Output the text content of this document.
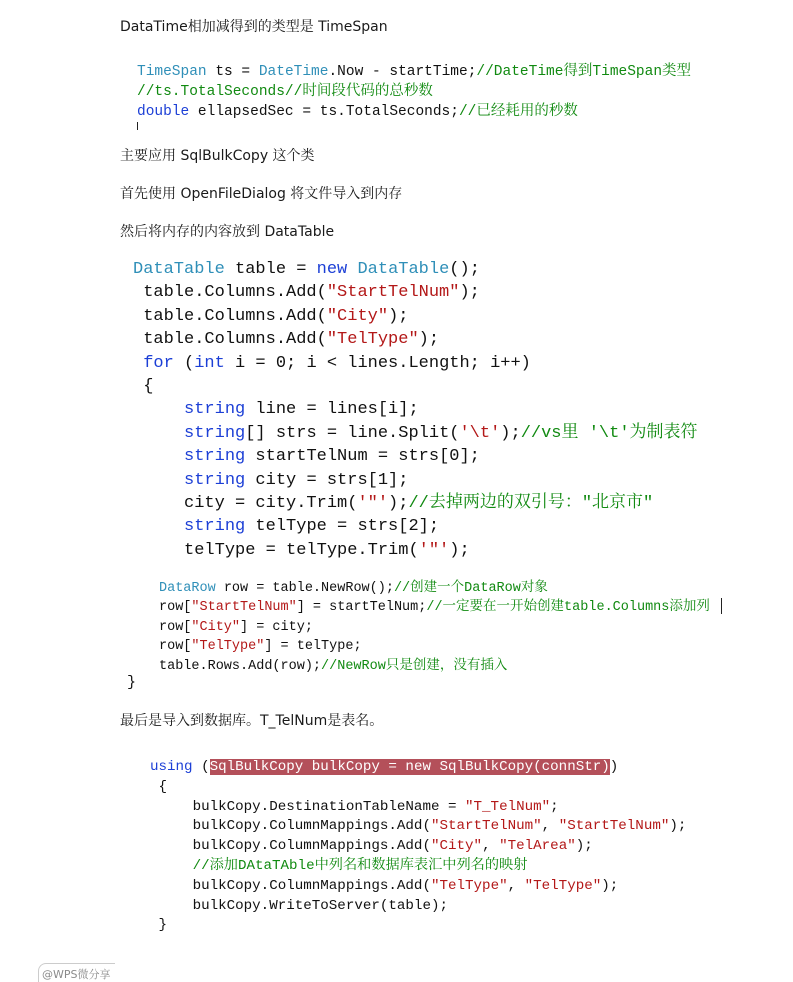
DataTime相加减得到的类型是 TimeSpan
TimeSpan ts = DateTime.Now - startTime;//DateTime得到TimeSpan类型
//ts.TotalSeconds//时间段代码的总秒数
double ellapsedSec = ts.TotalSeconds;//已经耗用的秒数
主要应用 SqlBulkCopy 这个类
首先使用 OpenFileDialog 将文件导入到内存
然后将内存的内容放到 DataTable
DataTable table = new DataTable();
table.Columns.Add("StartTelNum");
table.Columns.Add("City");
table.Columns.Add("TelType");
for (int i = 0; i < lines.Length; i++)
{
string line = lines[i];
string[] strs = line.Split('\t');//vs里 '\t'为制表符
string startTelNum = strs[0];
string city = strs[1];
city = city.Trim('"');//去掉两边的双引号："北京市"
string telType = strs[2];
telType = telType.Trim('"');
DataRow row = table.NewRow();//创建一个DataRow对象
row["StartTelNum"] = startTelNum;//一定要在一开始创建table.Columns添加列
row["City"] = city;
row["TelType"] = telType;
table.Rows.Add(row);//NewRow只是创建，没有插入
}
最后是导入到数据库。T_TelNum是表名。
using (SqlBulkCopy bulkCopy = new SqlBulkCopy(connStr))
{
bulkCopy.DestinationTableName = "T_TelNum";
bulkCopy.ColumnMappings.Add("StartTelNum", "StartTelNum");
bulkCopy.ColumnMappings.Add("City", "TelArea");
//添加DAtaTAble中列名和数据库表汇中列名的映射
bulkCopy.ColumnMappings.Add("TelType", "TelType");
bulkCopy.WriteToServer(table);
}
@WPS微分享
